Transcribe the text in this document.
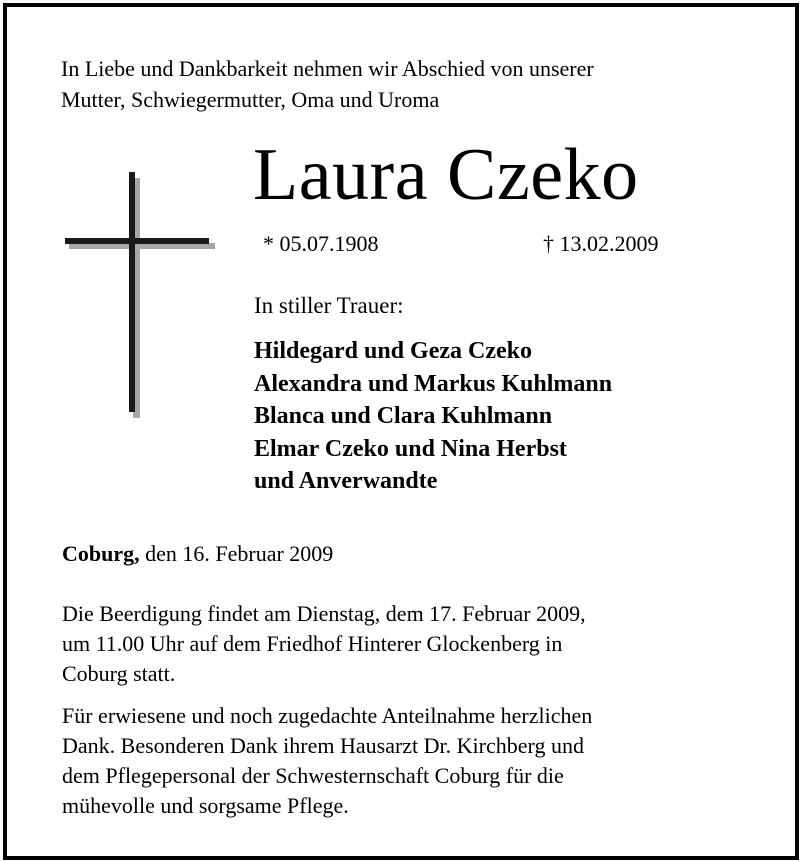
In Liebe und Dankbarkeit nehmen wir Abschied von unserer
Mutter, Schwiegermutter, Oma und Uroma

Laura Czeko
* 05.07.1908	† 13.02.2009
In stiller Trauer:
Hildegard und Geza Czeko
Alexandra und Markus Kuhlmann
Blanca und Clara Kuhlmann
Elmar Czeko und Nina Herbst
und Anverwandte
Coburg, den 16. Februar 2009

Die Beerdigung findet am Dienstag, dem 17. Februar 2009,
um 11.00 Uhr auf dem Friedhof Hinterer Glockenberg in
Coburg statt.

Für erwiesene und noch zugedachte Anteilnahme herzlichen
Dank. Besonderen Dank ihrem Hausarzt Dr. Kirchberg und
dem Pflegepersonal der Schwesternschaft Coburg für die
mühevolle und sorgsame Pflege.
